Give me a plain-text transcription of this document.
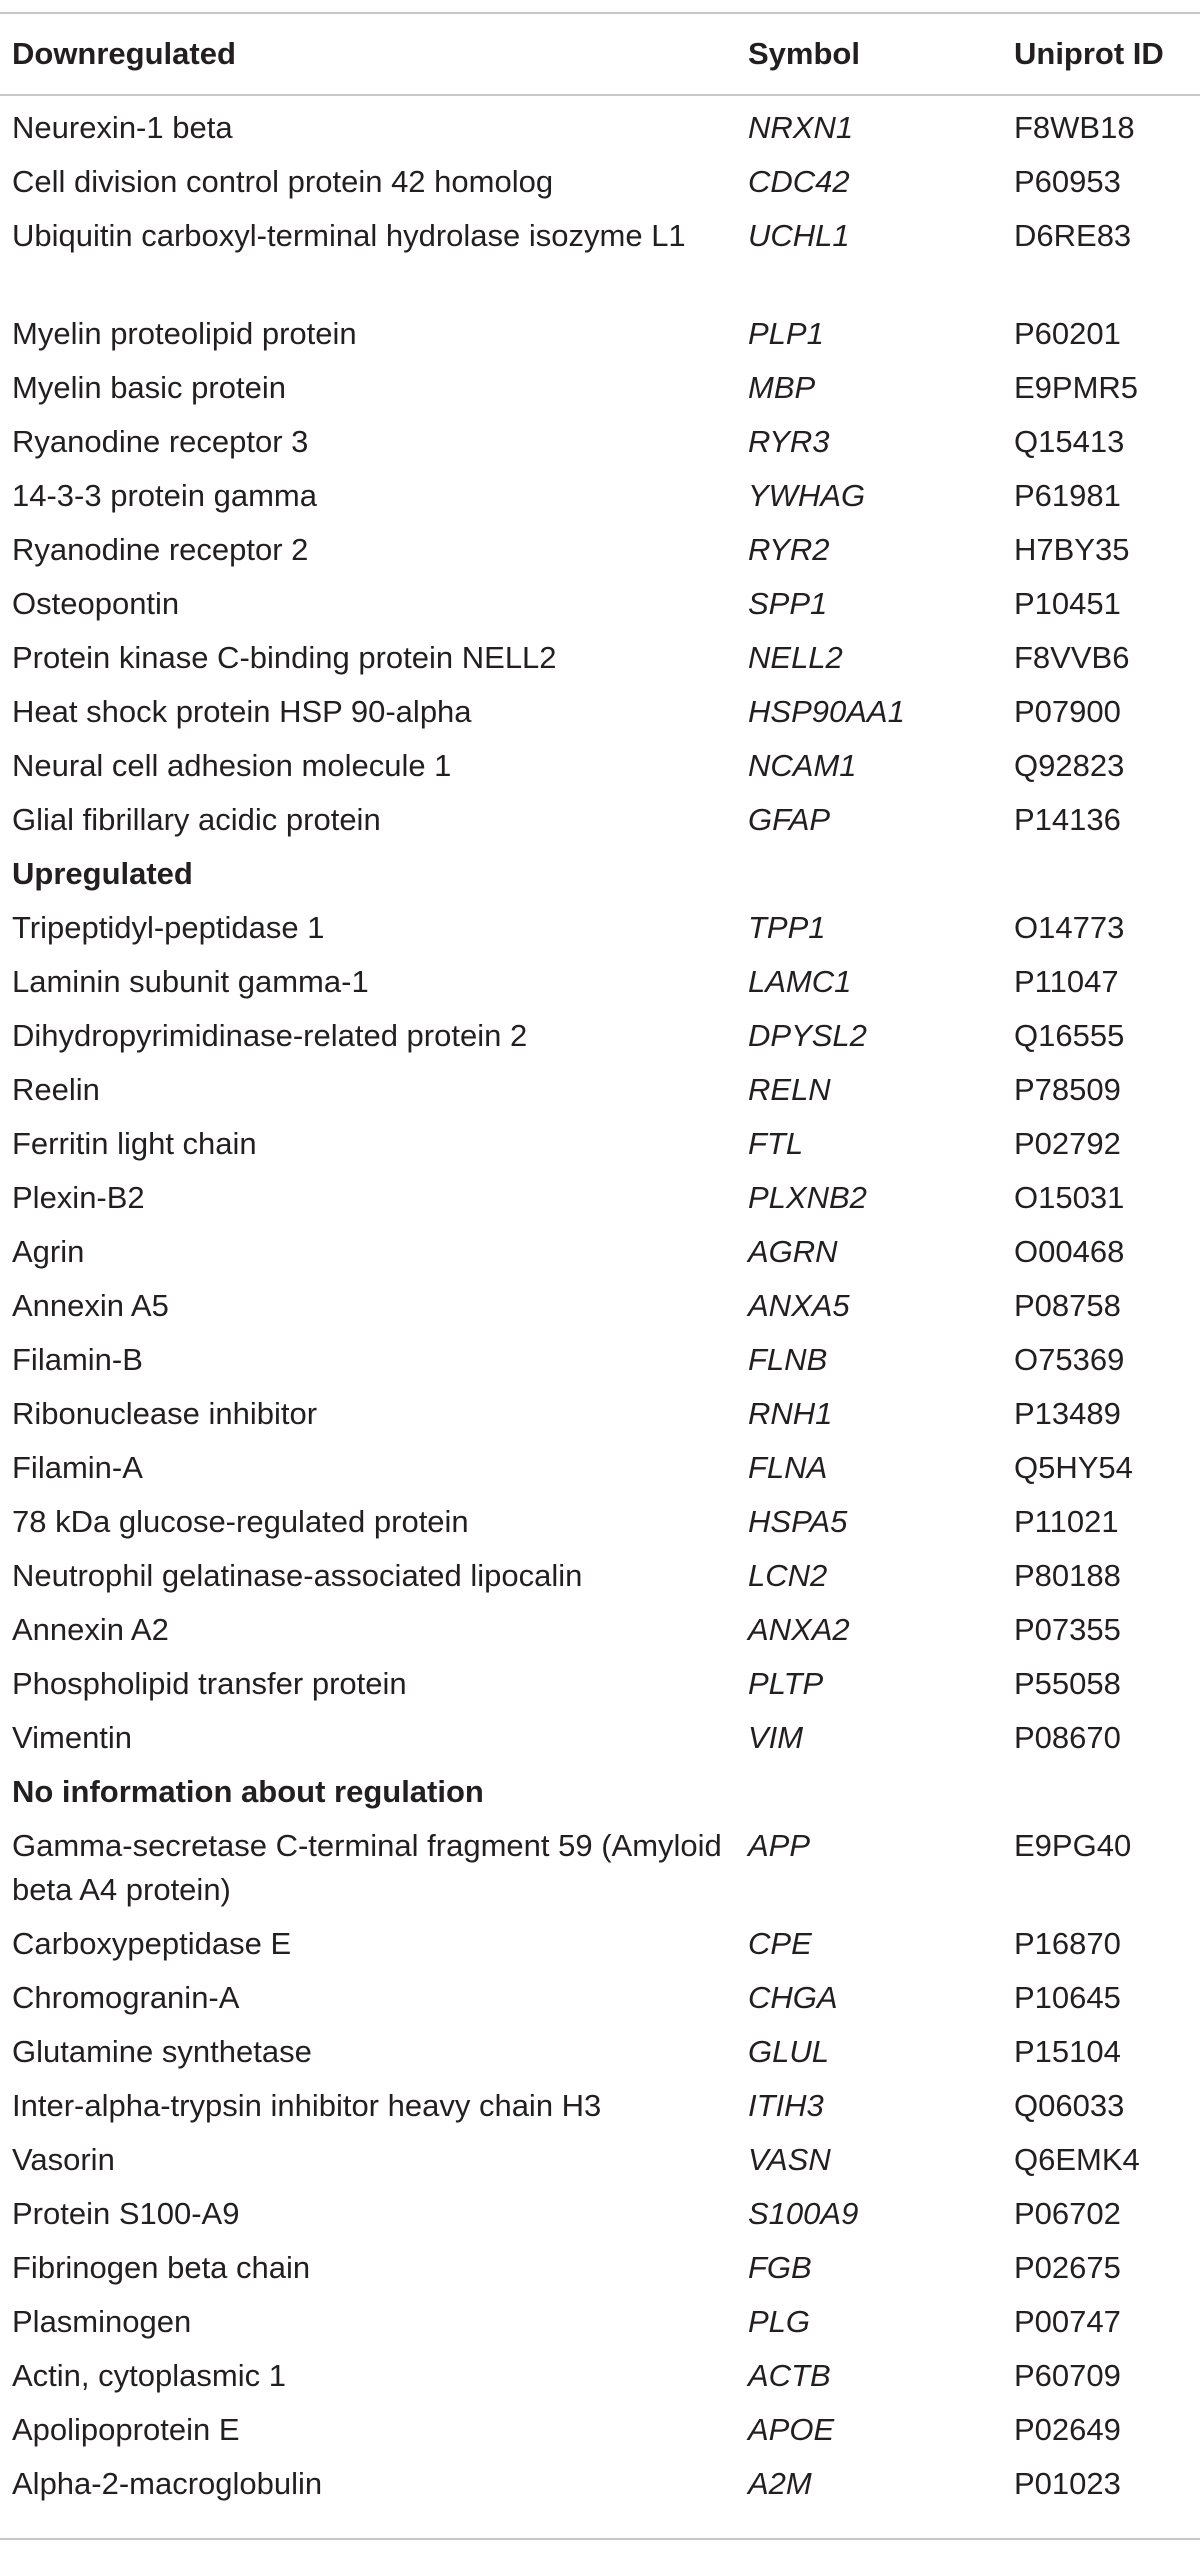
Downregulated	Symbol	Uniprot ID
Neurexin-1 beta	NRXN1	F8WB18
Cell division control protein 42 homolog	CDC42	P60953
Ubiquitin carboxyl-terminal hydrolase isozyme L1	UCHL1	D6RE83
Myelin proteolipid protein	PLP1	P60201
Myelin basic protein	MBP	E9PMR5
Ryanodine receptor 3	RYR3	Q15413
14-3-3 protein gamma	YWHAG	P61981
Ryanodine receptor 2	RYR2	H7BY35
Osteopontin	SPP1	P10451
Protein kinase C-binding protein NELL2	NELL2	F8VVB6
Heat shock protein HSP 90-alpha	HSP90AA1	P07900
Neural cell adhesion molecule 1	NCAM1	Q92823
Glial fibrillary acidic protein	GFAP	P14136
Upregulated		
Tripeptidyl-peptidase 1	TPP1	O14773
Laminin subunit gamma-1	LAMC1	P11047
Dihydropyrimidinase-related protein 2	DPYSL2	Q16555
Reelin	RELN	P78509
Ferritin light chain	FTL	P02792
Plexin-B2	PLXNB2	O15031
Agrin	AGRN	O00468
Annexin A5	ANXA5	P08758
Filamin-B	FLNB	O75369
Ribonuclease inhibitor	RNH1	P13489
Filamin-A	FLNA	Q5HY54
78 kDa glucose-regulated protein	HSPA5	P11021
Neutrophil gelatinase-associated lipocalin	LCN2	P80188
Annexin A2	ANXA2	P07355
Phospholipid transfer protein	PLTP	P55058
Vimentin	VIM	P08670
No information about regulation		
Gamma-secretase C-terminal fragment 59 (Amyloid beta A4 protein)	APP	E9PG40
Carboxypeptidase E	CPE	P16870
Chromogranin-A	CHGA	P10645
Glutamine synthetase	GLUL	P15104
Inter-alpha-trypsin inhibitor heavy chain H3	ITIH3	Q06033
Vasorin	VASN	Q6EMK4
Protein S100-A9	S100A9	P06702
Fibrinogen beta chain	FGB	P02675
Plasminogen	PLG	P00747
Actin, cytoplasmic 1	ACTB	P60709
Apolipoprotein E	APOE	P02649
Alpha-2-macroglobulin	A2M	P01023
